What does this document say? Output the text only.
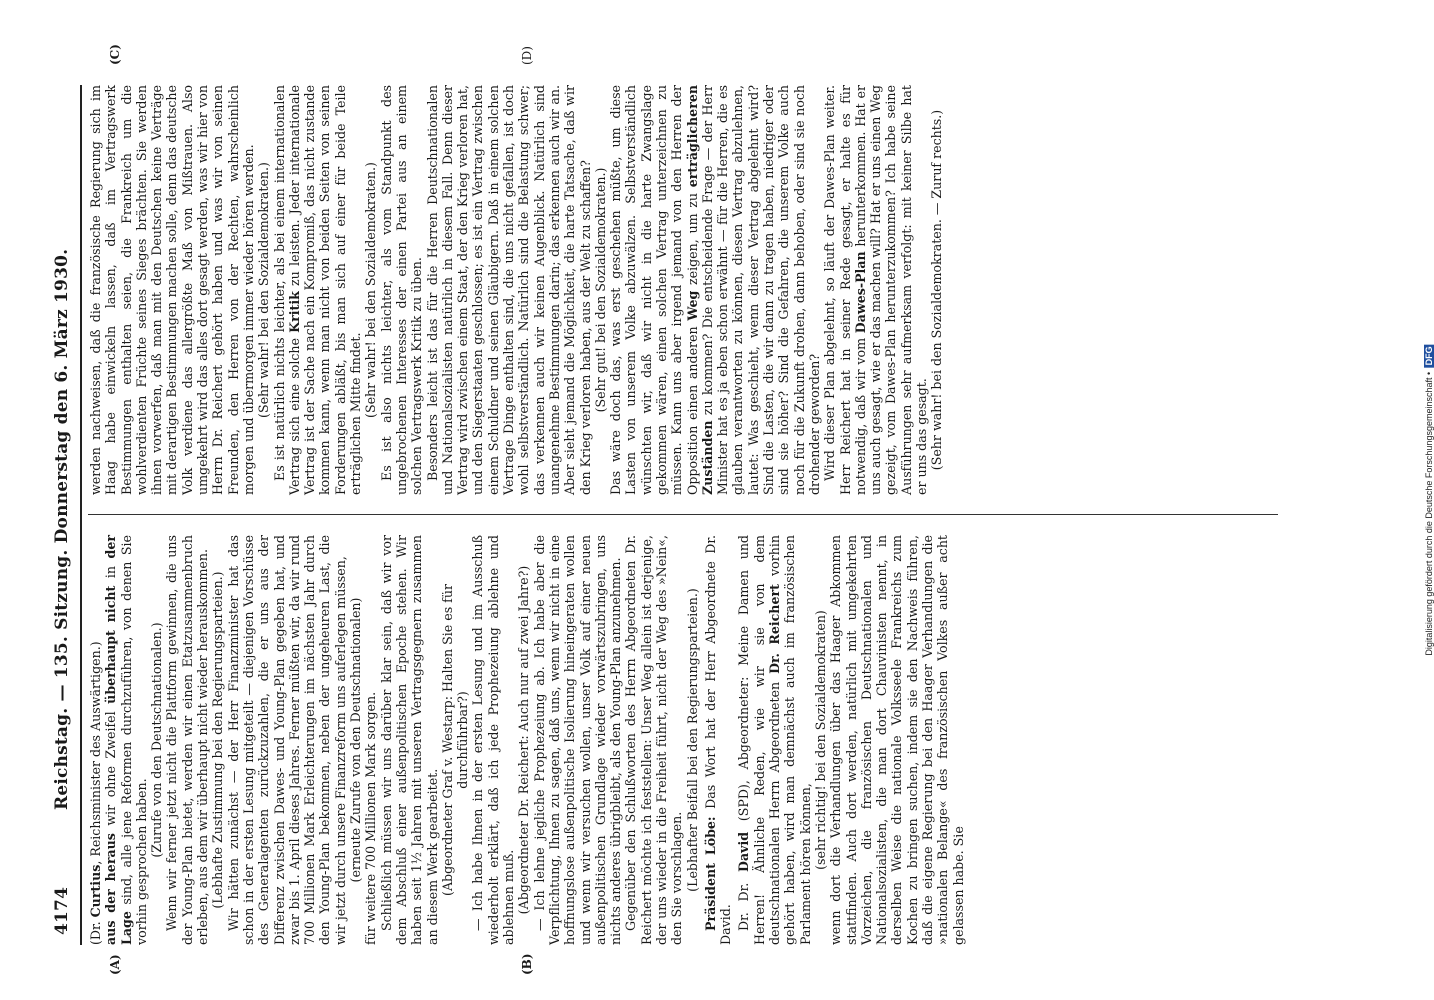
4174
Reichstag. — 135. Sitzung. Donnerstag den 6. März 1930.
(A)	(B)
(C)	(D)

(Dr. Curtius, Reichsminister des Auswärtigen.)

aus der heraus wir ohne Zweifel überhaupt nicht in der Lage sind, alle jene Reformen durchzuführen, von denen Sie vorhin gesprochen haben.

(Zurufe von den Deutschnationalen.) Wenn wir ferner jetzt nicht die Plattform gewinnen, die uns der Young-Plan bietet, werden wir einen Etatzusammenbruch erleben, aus dem wir überhaupt nicht wieder herauskommen. (Lebhafte Zustimmung bei den Regierungsparteien.) Wir hätten zunächst — der Herr Finanzminister hat das schon in der ersten Lesung mitgeteilt — diejenigen Vorschüsse des Generalagenten zurückzuzahlen, die er uns aus der Differenz zwischen Dawes- und Young-Plan gegeben hat, und zwar bis 1. April dieses Jahres. Ferner müßten wir, da wir rund 700 Millionen Mark Erleichterungen im nächsten Jahr durch den Young-Plan bekommen, neben der ungeheuren Last, die wir jetzt durch unsere Finanzreform uns auferlegen müssen, (erneute Zurufe von den Deutschnationalen) für weitere 700 Millionen Mark sorgen. Schließlich müssen wir uns darüber klar sein, daß wir vor dem Abschluß einer außenpolitischen Epoche stehen. Wir haben seit 1½ Jahren mit unseren Vertragsgegnern zusammen an diesem Werk gearbeitet. (Abgeordneter Graf v. Westarp: Halten Sie es für durchführbar?) — Ich habe Ihnen in der ersten Lesung und im Ausschuß wiederholt erklärt, daß ich jede Prophezeiung ablehne und ablehnen muß. (Abgeordneter Dr. Reichert: Auch nur auf zwei Jahre?) — Ich lehne jegliche Prophezeiung ab. Ich habe aber die Verpflichtung, Ihnen zu sagen, daß uns, wenn wir nicht in eine hoffnungslose außenpolitische Isolierung hineingeraten wollen und wenn wir versuchen wollen, unser Volk auf einer neuen außenpolitischen Grundlage wieder vorwärtszubringen, uns nichts anderes übrigbleibt, als den Young-Plan anzunehmen. Gegenüber den Schlußworten des Herrn Abgeordneten Dr. Reichert möchte ich feststellen: Unser Weg allein ist derjenige, der uns wieder in die Freiheit führt, nicht der Weg des »Nein«, den Sie vorschlagen. (Lebhafter Beifall bei den Regierungsparteien.) Präsident Löbe: Das Wort hat der Herr Abgeordnete Dr. David. Dr. Dr. David (SPD), Abgeordneter: Meine Damen und Herren! Ähnliche Reden, wie wir sie von dem deutschnationalen Herrn Abgeordneten Dr. Reichert vorhin gehört haben, wird man demnächst auch im französischen Parlament hören können, (sehr richtig! bei den Sozialdemokraten) wenn dort die Verhandlungen über das Haager Abkommen stattfinden. Auch dort werden, natürlich mit umgekehrten Vorzeichen, die französischen Deutschnationalen und Nationalsozialisten, die man dort Chauvinisten nennt, in derselben Weise die nationale Volksseele Frankreichs zum Kochen zu bringen suchen, indem sie den Nachweis führen, daß die eigene Regierung bei den Haager Verhandlungen die »nationalen Belange« des französischen Volkes außer acht gelassen habe. Sie

werden nachweisen, daß die französische Regierung sich im Haag habe einwickeln lassen, daß im Vertragswerk Bestimmungen enthalten seien, die Frankreich um die wohlverdienten Früchte seines Sieges brächten. Sie werden ihnen vorwerfen, daß man mit den Deutschen keine Verträge mit derartigen Bestimmungen machen solle, denn das deutsche Volk verdiene das allergrößte Maß von Mißtrauen. Also umgekehrt wird das alles dort gesagt werden, was wir hier von Herrn Dr. Reichert gehört haben und was wir von seinen Freunden, den Herren von der Rechten, wahrscheinlich morgen und übermorgen immer wieder hören werden. (Sehr wahr! bei den Sozialdemokraten.) Es ist natürlich nichts leichter, als bei einem internationalen Vertrag sich eine solche Kritik zu leisten. Jeder internationale Vertrag ist der Sache nach ein Kompromiß, das nicht zustande kommen kann, wenn man nicht von beiden Seiten von seinen Forderungen abläßt, bis man sich auf einer für beide Teile erträglichen Mitte findet. (Sehr wahr! bei den Sozialdemokraten.) Es ist also nichts leichter, als vom Standpunkt des ungebrochenen Interesses der einen Partei aus an einem solchen Vertragswerk Kritik zu üben. Besonders leicht ist das für die Herren Deutschnationalen und Nationalsozialisten natürlich in diesem Fall. Denn dieser Vertrag wird zwischen einem Staat, der den Krieg verloren hat, und den Siegerstaaten geschlossen; es ist ein Vertrag zwischen einem Schuldner und seinen Gläubigern. Daß in einem solchen Vertrage Dinge enthalten sind, die uns nicht gefallen, ist doch wohl selbstverständlich. Natürlich sind die Belastung schwer; das verkennen auch wir keinen Augenblick. Natürlich sind unangenehme Bestimmungen darin; das erkennen auch wir an. Aber sieht jemand die Möglichkeit, die harte Tatsache, daß wir den Krieg verloren haben, aus der Welt zu schaffen? (Sehr gut! bei den Sozialdemokraten.) Das wäre doch das, was erst geschehen müßte, um diese Lasten von unserem Volke abzuwälzen. Selbstverständlich wünschten wir, daß wir nicht in die harte Zwangslage gekommen wären, einen solchen Vertrag unterzeichnen zu müssen. Kann uns aber irgend jemand von den Herren der Opposition einen anderen Weg zeigen, um zu erträglicheren Zuständen zu kommen? Die entscheidende Frage — der Herr Minister hat es ja eben schon erwähnt — für die Herren, die es glauben verantworten zu können, diesen Vertrag abzulehnen, lautet: Was geschieht, wenn dieser Vertrag abgelehnt wird? Sind die Lasten, die wir dann zu tragen haben, niedriger oder sind sie höher? Sind die Gefahren, die unserem Volke auch noch für die Zukunft drohen, dann behoben, oder sind sie noch drohender geworden? Wird dieser Plan abgelehnt, so läuft der Dawes-Plan weiter. Herr Reichert hat in seiner Rede gesagt, er halte es für notwendig, daß wir vom Dawes-Plan herunterkommen. Hat er uns auch gesagt, wie er das machen will? Hat er uns einen Weg gezeigt, vom Dawes-Plan herunterzukommen? Ich habe seine Ausführungen sehr aufmerksam verfolgt: mit keiner Silbe hat er uns das gesagt. (Sehr wahr! bei den Sozialdemokraten. — Zuruf rechts.)

Digitalisierung gefördert durch die Deutsche Forschungsgemeinschaft • DFG
